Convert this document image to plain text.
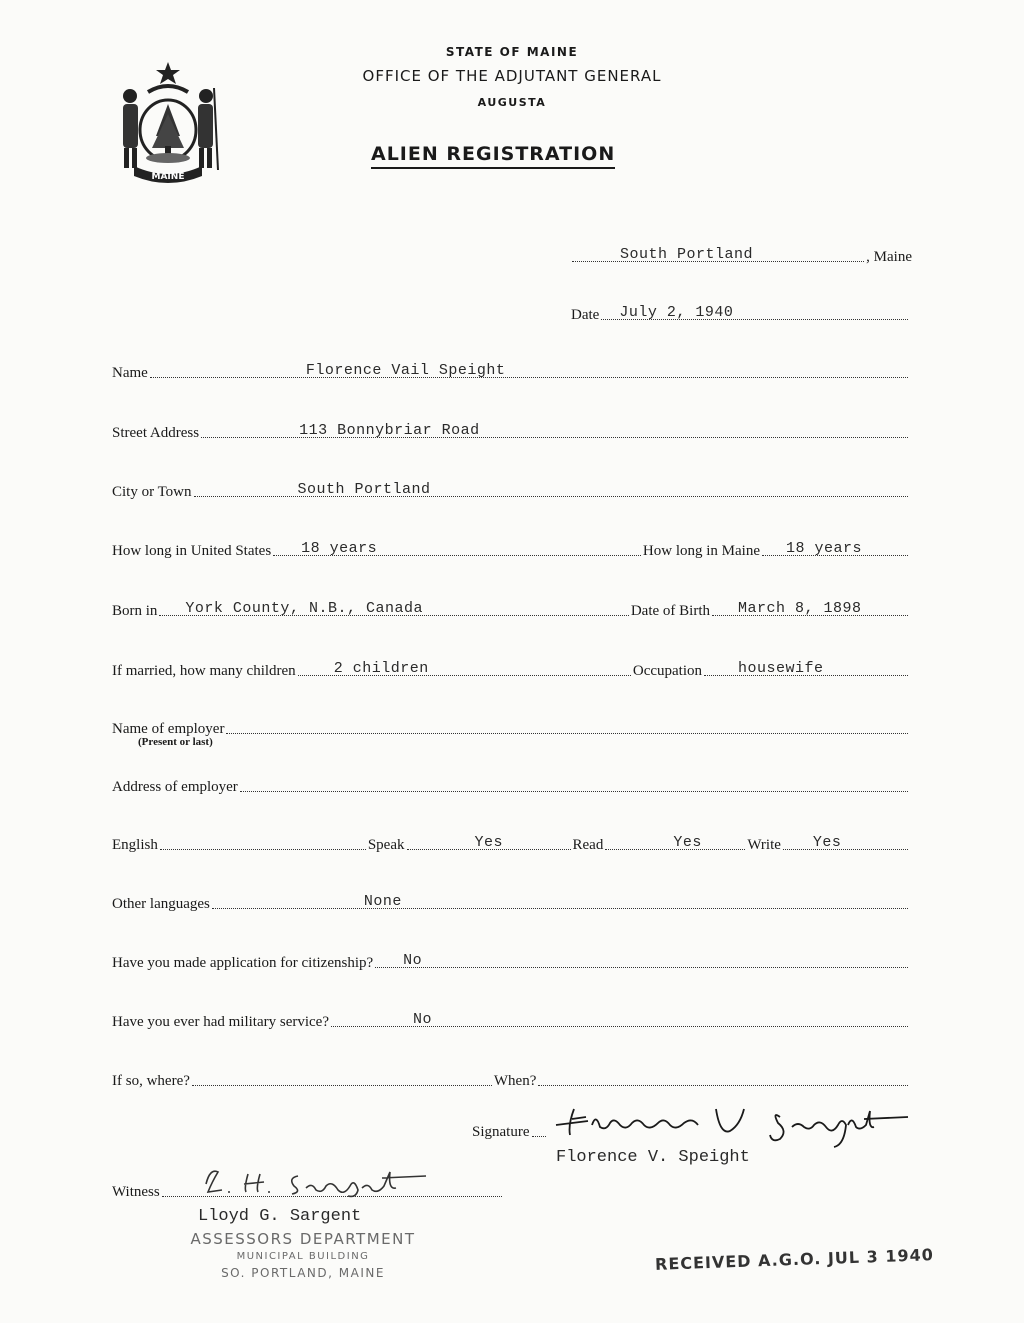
MAINE
STATE OF MAINE
OFFICE OF THE ADJUTANT GENERAL
AUGUSTA
ALIEN REGISTRATION
South Portland	, Maine
Date July 2, 1940
Name	Florence Vail Speight
Street Address	113 Bonnybriar Road
City or Town	South Portland
How long in United States 18 years	How long in Maine 18 years
Born in York County, N.B., Canada	Date of Birth March 8, 1898
If married, how many children	2 children	Occupation housewife
Name of employer
(Present or last)
Address of employer
English	Speak	Yes	Read	Yes	Write Yes
Other languages	None
Have you made application for citizenship? No
Have you ever had military service?	No
If so, where?	When?
Signature
Florence V. Speight
Witness
Lloyd G. Sargent
ASSESSORS DEPARTMENT
MUNICIPAL BUILDING
SO. PORTLAND, MAINE	RECEIVED A.G.O. JUL 3 1940
